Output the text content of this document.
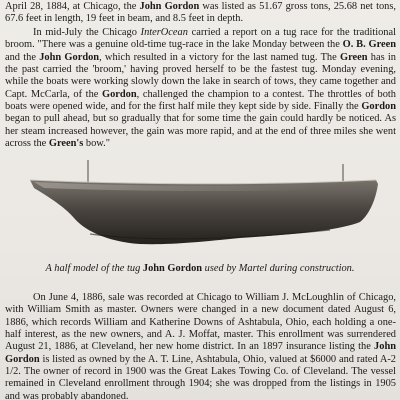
April 28, 1884, at Chicago, the John Gordon was listed as 51.67 gross tons, 25.68 net tons, 67.6 feet in length, 19 feet in beam, and 8.5 feet in depth.

In mid-July the Chicago InterOcean carried a report on a tug race for the traditional broom. "There was a genuine old-time tug-race in the lake Monday between the O. B. Green and the John Gordon, which resulted in a victory for the last named tug. The Green has in the past carried the 'broom,' having proved herself to be the fastest tug. Monday evening, while the boats were working slowly down the lake in search of tows, they came together and Capt. McCarla, of the Gordon, challenged the champion to a contest. The throttles of both boats were opened wide, and for the first half mile they kept side by side. Finally the Gordon began to pull ahead, but so gradually that for some time the gain could hardly be noticed. As her steam increased however, the gain was more rapid, and at the end of three miles she went across the Green's bow."

A half model of the tug John Gordon used by Martel during construction.

On June 4, 1886, sale was recorded at Chicago to William J. McLoughlin of Chicago, with William Smith as master. Owners were changed in a new document dated August 6, 1886, which records William and Katherine Downs of Ashtabula, Ohio, each holding a one-half interest, as the new owners, and A. J. Moffat, master. This enrollment was surrendered August 21, 1886, at Cleveland, her new home district. In an 1897 insurance listing the John Gordon is listed as owned by the A. T. Line, Ashtabula, Ohio, valued at $6000 and rated A-2 1/2. The owner of record in 1900 was the Great Lakes Towing Co. of Cleveland. The vessel remained in Cleveland enrollment through 1904; she was dropped from the listings in 1905 and was probably abandoned.
